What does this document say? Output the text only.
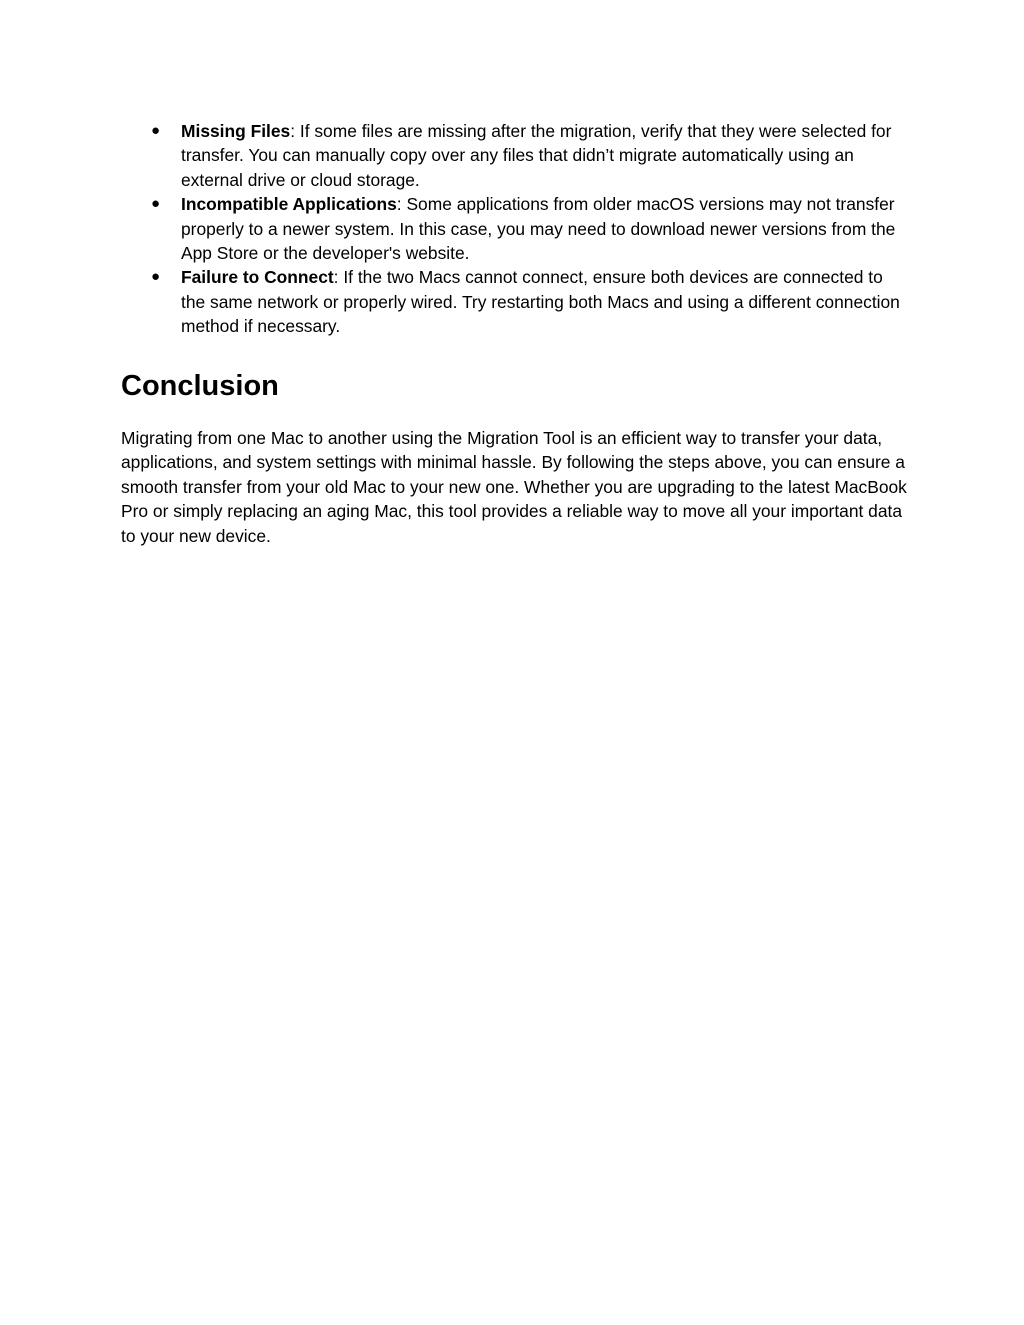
● Missing Files: If some files are missing after the migration, verify that they were selected for transfer. You can manually copy over any files that didn’t migrate automatically using an external drive or cloud storage.
● Incompatible Applications: Some applications from older macOS versions may not transfer properly to a newer system. In this case, you may need to download newer versions from the App Store or the developer's website.
● Failure to Connect: If the two Macs cannot connect, ensure both devices are connected to the same network or properly wired. Try restarting both Macs and using a different connection method if necessary.
Conclusion

Migrating from one Mac to another using the Migration Tool is an efficient way to transfer your data, applications, and system settings with minimal hassle. By following the steps above, you can ensure a smooth transfer from your old Mac to your new one. Whether you are upgrading to the latest MacBook Pro or simply replacing an aging Mac, this tool provides a reliable way to move all your important data to your new device.
